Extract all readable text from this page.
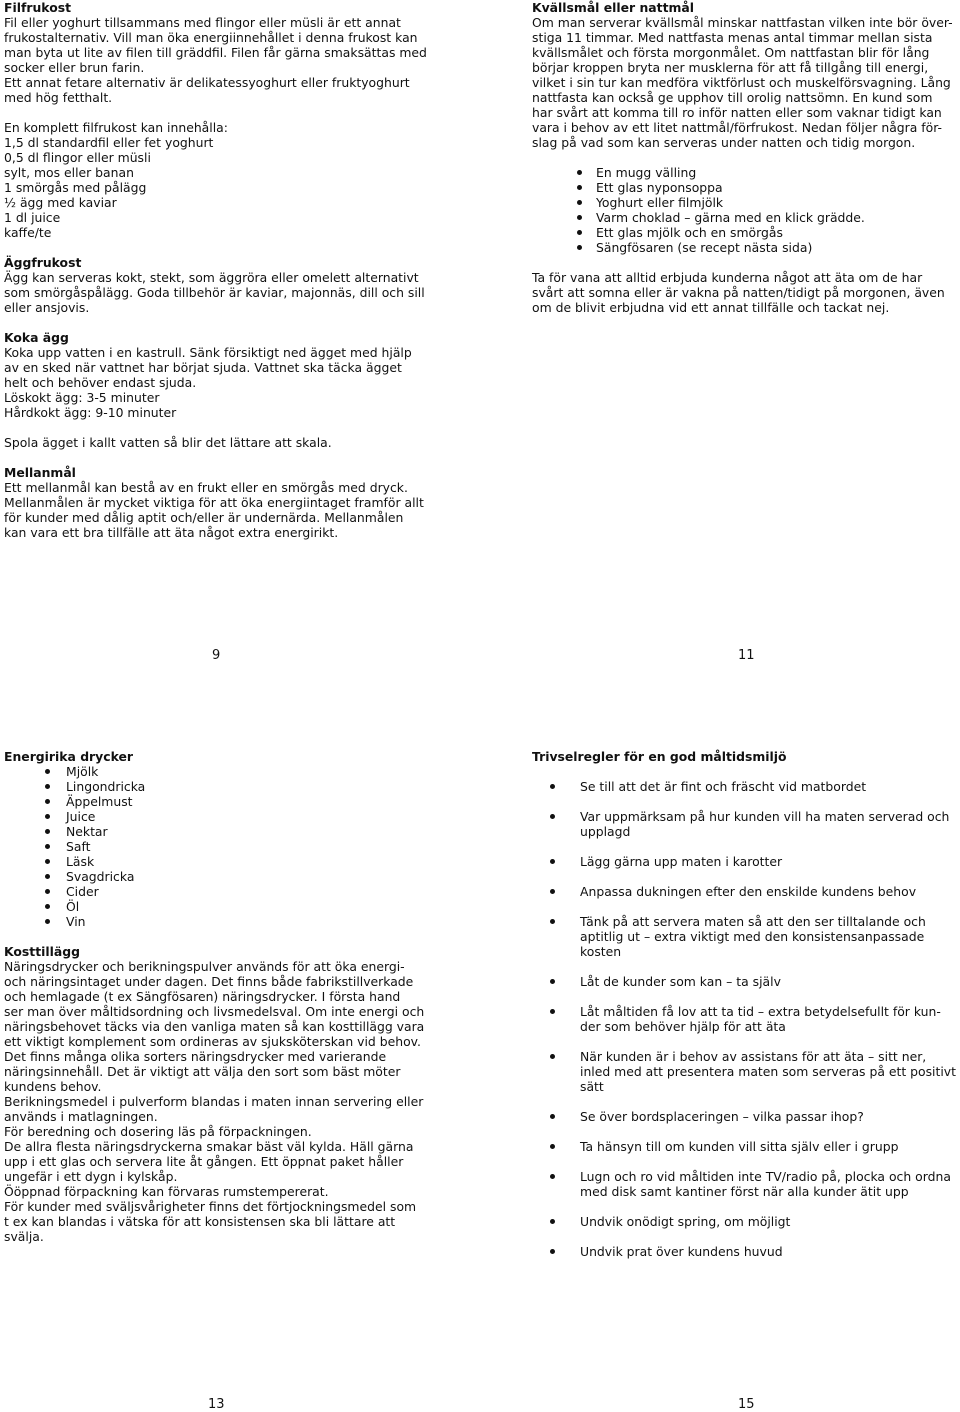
Filfrukost

Fil eller yoghurt tillsammans med flingor eller müsli är ett annat

frukostalternativ. Vill man öka energiinnehållet i denna frukost kan

man byta ut lite av filen till gräddfil. Filen får gärna smaksättas med

socker eller brun farin.

Ett annat fetare alternativ är delikatessyoghurt eller fruktyoghurt

med hög fetthalt.

En komplett filfrukost kan innehålla:

1,5 dl standardfil eller fet yoghurt

0,5 dl flingor eller müsli

sylt, mos eller banan

1 smörgås med pålägg

½ ägg med kaviar

1 dl juice

kaffe/te

Äggfrukost

Ägg kan serveras kokt, stekt, som äggröra eller omelett alternativt

som smörgåspålägg. Goda tillbehör är kaviar, majonnäs, dill och sill

eller ansjovis.

Koka ägg

Koka upp vatten i en kastrull. Sänk försiktigt ned ägget med hjälp

av en sked när vattnet har börjat sjuda. Vattnet ska täcka ägget

helt och behöver endast sjuda.

Löskokt ägg: 3-5 minuter

Hårdkokt ägg: 9-10 minuter

Spola ägget i kallt vatten så blir det lättare att skala.

Mellanmål

Ett mellanmål kan bestå av en frukt eller en smörgås med dryck.

Mellanmålen är mycket viktiga för att öka energiintaget framför allt

för kunder med dålig aptit och/eller är undernärda. Mellanmålen

kan vara ett bra tillfälle att äta något extra energirikt.

9

Kvällsmål eller nattmål

Om man serverar kvällsmål minskar nattfastan vilken inte bör över-

stiga 11 timmar. Med nattfasta menas antal timmar mellan sista

kvällsmålet och första morgonmålet. Om nattfastan blir för lång

börjar kroppen bryta ner musklerna för att få tillgång till energi,

vilket i sin tur kan medföra viktförlust och muskelförsvagning. Lång

nattfasta kan också ge upphov till orolig nattsömn. En kund som

har svårt att komma till ro inför natten eller som vaknar tidigt kan

vara i behov av ett litet nattmål/förfrukost. Nedan följer några för-

slag på vad som kan serveras under natten och tidig morgon.

En mugg välling
Ett glas nyponsoppa
Yoghurt eller filmjölk
Varm choklad – gärna med en klick grädde.
Ett glas mjölk och en smörgås
Sängfösaren (se recept nästa sida)

Ta för vana att alltid erbjuda kunderna något att äta om de har

svårt att somna eller är vakna på natten/tidigt på morgonen, även

om de blivit erbjudna vid ett annat tillfälle och tackat nej.

11

Energirika drycker

Mjölk
Lingondricka
Äppelmust
Juice
Nektar
Saft
Läsk
Svagdricka
Cider
Öl
Vin

Kosttillägg

Näringsdrycker och berikningspulver används för att öka energi-

och näringsintaget under dagen. Det finns både fabrikstillverkade

och hemlagade (t ex Sängfösaren) näringsdrycker. I första hand

ser man över måltidsordning och livsmedelsval. Om inte energi och

näringsbehovet täcks via den vanliga maten så kan kosttillägg vara

ett viktigt komplement som ordineras av sjuksköterskan vid behov.

Det finns många olika sorters näringsdrycker med varierande

näringsinnehåll. Det är viktigt att välja den sort som bäst möter

kundens behov.

Berikningsmedel i pulverform blandas i maten innan servering eller

används i matlagningen.

För beredning och dosering läs på förpackningen.

De allra flesta näringsdryckerna smakar bäst väl kylda. Häll gärna

upp i ett glas och servera lite åt gången. Ett öppnat paket håller

ungefär i ett dygn i kylskåp.

Ööppnad förpackning kan förvaras rumstempererat.

För kunder med sväljsvårigheter finns det förtjockningsmedel som

t ex kan blandas i vätska för att konsistensen ska bli lättare att

svälja.

13

Trivselregler för en god måltidsmiljö

Se till att det är fint och fräscht vid matbordet

Var uppmärksam på hur kunden vill ha maten serverad och

upplagd

Lägg gärna upp maten i karotter

Anpassa dukningen efter den enskilde kundens behov

Tänk på att servera maten så att den ser tilltalande och

aptitlig ut – extra viktigt med den konsistensanpassade

kosten

Låt de kunder som kan – ta själv

Låt måltiden få lov att ta tid – extra betydelsefullt för kun-

der som behöver hjälp för att äta

När kunden är i behov av assistans för att äta – sitt ner,

inled med att presentera maten som serveras på ett positivt

sätt

Se över bordsplaceringen – vilka passar ihop?

Ta hänsyn till om kunden vill sitta själv eller i grupp

Lugn och ro vid måltiden inte TV/radio på, plocka och ordna

med disk samt kantiner först när alla kunder ätit upp

Undvik onödigt spring, om möjligt

Undvik prat över kundens huvud

15
